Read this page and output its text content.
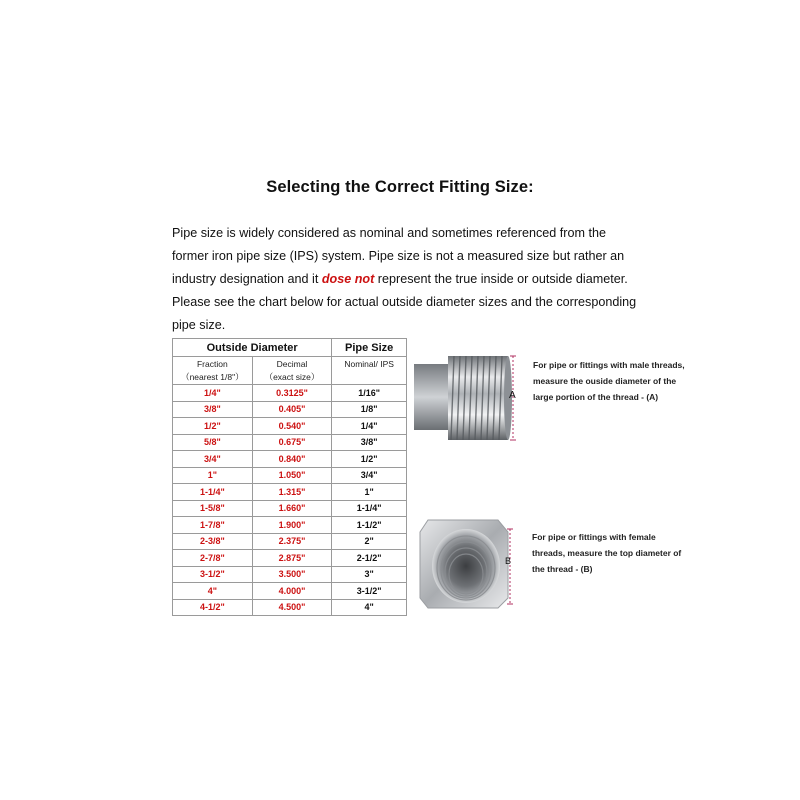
Selecting the Correct Fitting Size:
Pipe size is widely considered as nominal and sometimes referenced from the former iron pipe size (IPS) system. Pipe size is not a measured size but rather an industry designation and it dose not represent the true inside or outside diameter. Please see the chart below for actual outside diameter sizes and the corresponding pipe size.
Outside Diameter		Pipe Size
Fraction	Decimal	Nominal/ IPS
（nearest 1/8"）	（exact size）	
1/4"	0.3125"	1/16"
3/8"	0.405"	1/8"
1/2"	0.540"	1/4"
5/8"	0.675"	3/8"
3/4"	0.840"	1/2"
1"	1.050"	3/4"
1-1/4"	1.315"	1"
1-5/8"	1.660"	1-1/4"
1-7/8"	1.900"	1-1/2"
2-3/8"	2.375"	2"
2-7/8"	2.875"	2-1/2"
3-1/2"	3.500"	3"
4"	4.000"	3-1/2"
4-1/2"	4.500"	4"
A
B
For pipe or fittings with male threads, measure the ouside diameter of the large portion of the thread - (A)
For pipe or fittings with female threads, measure the top diameter of the thread - (B)
